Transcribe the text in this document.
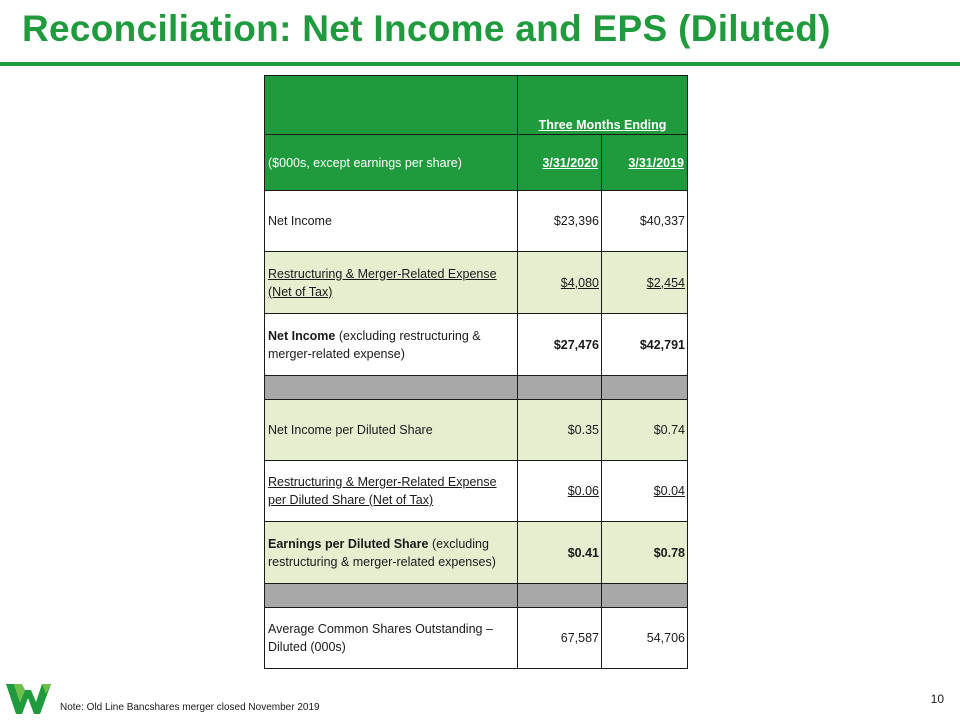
Reconciliation: Net Income and EPS (Diluted)
	Three Months Ending	
($000s, except earnings per share)	3/31/2020	3/31/2019
Net Income	$23,396	$40,337
Restructuring & Merger-Related Expense (Net of Tax)	$4,080	$2,454
Net Income (excluding restructuring & merger-related expense)	$27,476	$42,791

Net Income per Diluted Share	$0.35	$0.74
Restructuring & Merger-Related Expense per Diluted Share (Net of Tax)	$0.06	$0.04
Earnings per Diluted Share (excluding restructuring & merger-related expenses)	$0.41	$0.78

Average Common Shares Outstanding – Diluted (000s)	67,587	54,706
Note: Old Line Bancshares merger closed November 2019
10
